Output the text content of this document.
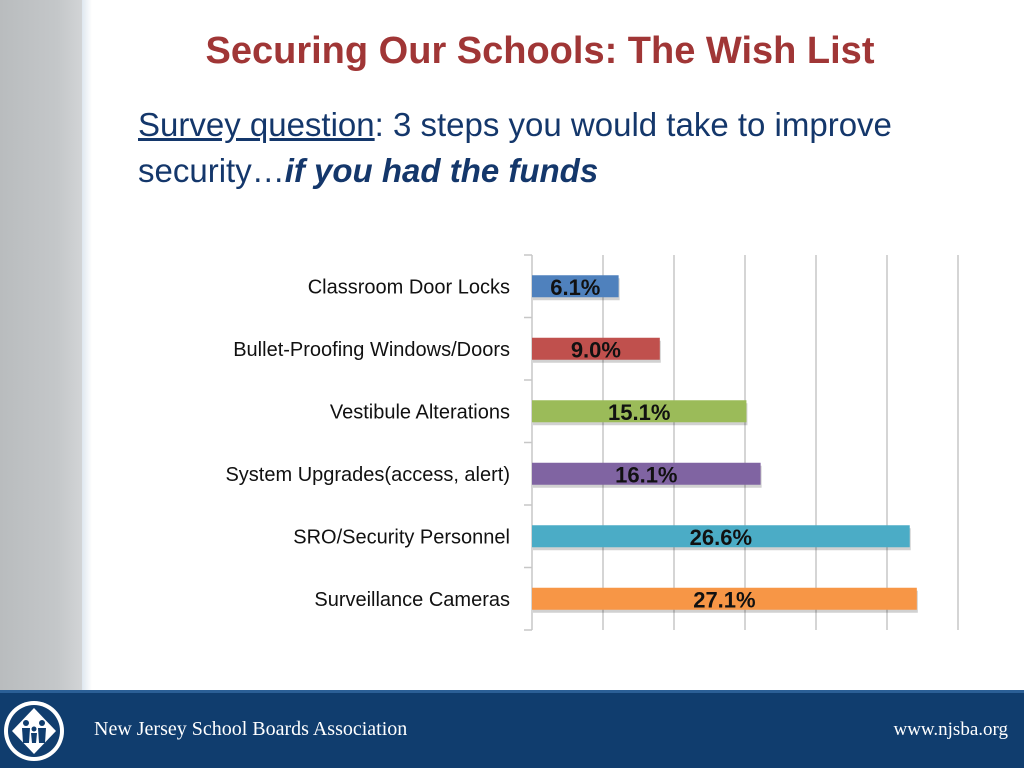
Securing Our Schools: The Wish List
Survey question: 3 steps you would take to improve security…if you had the funds
Classroom Door Locks 6.1%
Bullet-Proofing Windows/Doors	9.0%
Vestibule Alterations	15.1%
System Upgrades(access, alert)	16.1%
SRO/Security Personnel	26.6%
Surveillance Cameras	27.1%
New Jersey School Boards Association	www.njsba.org
